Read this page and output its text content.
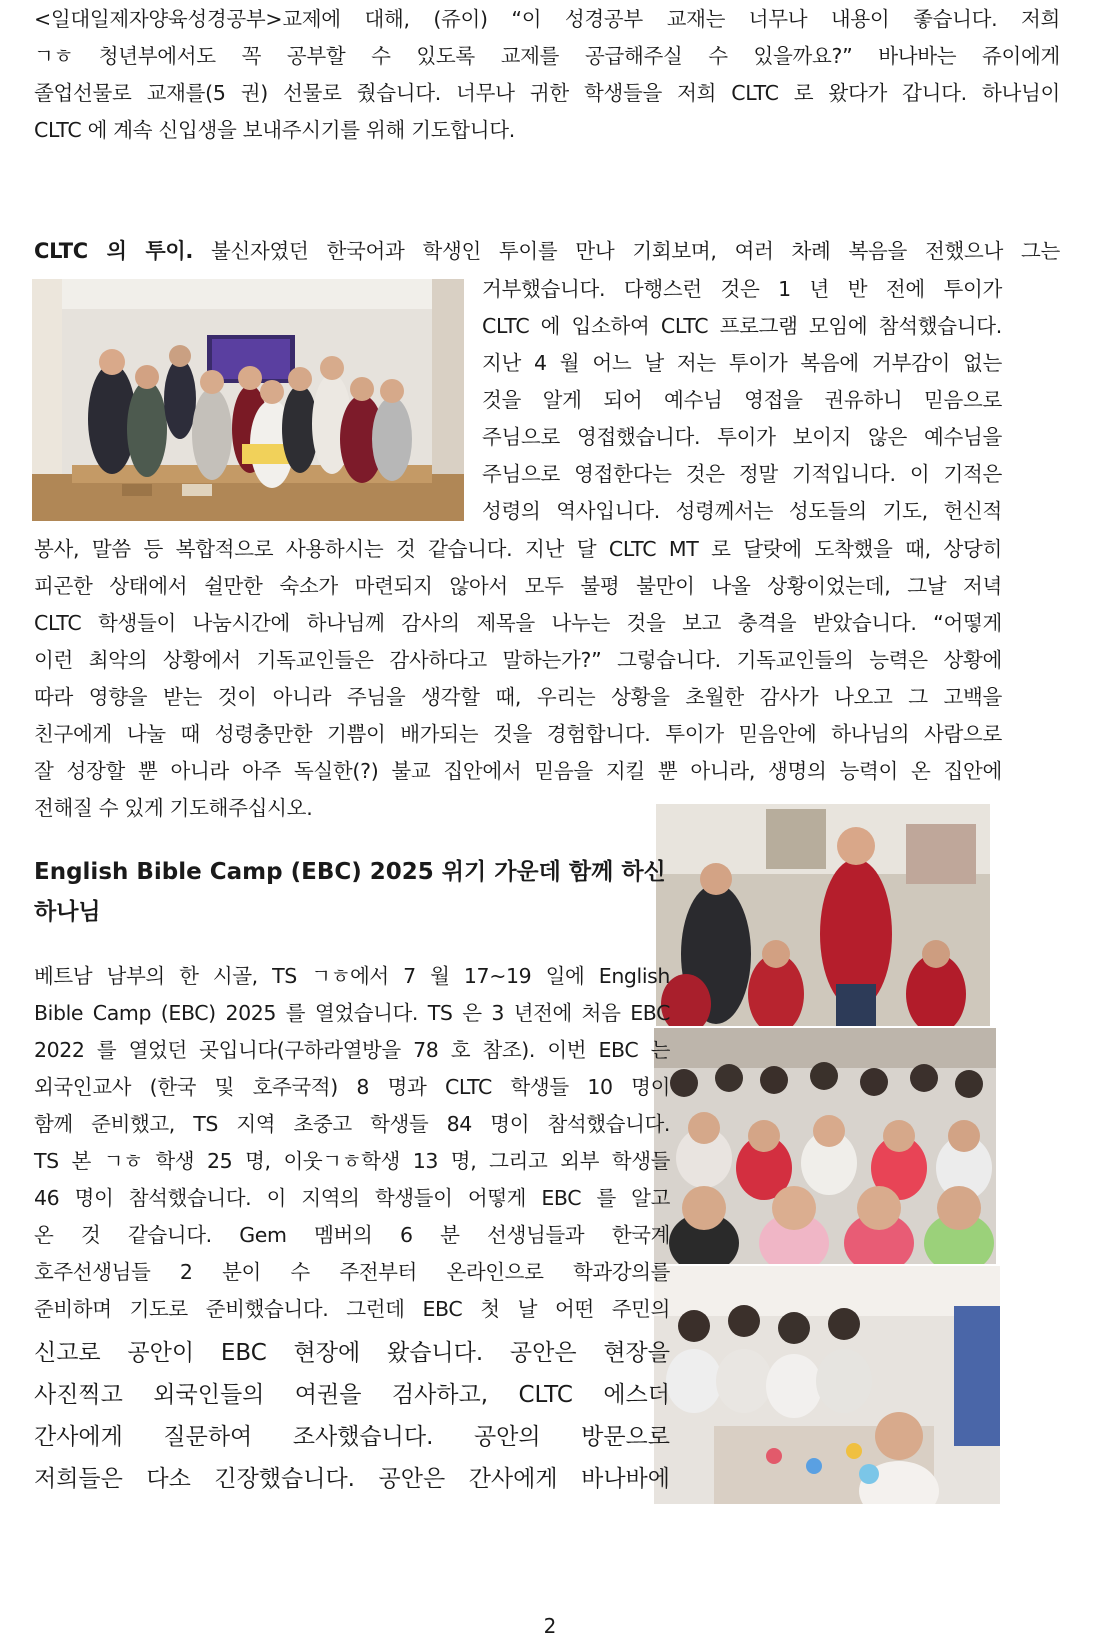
<일대일제자양육성경공부>교제에 대해, (쥬이) “이 성경공부 교재는 너무나 내용이 좋습니다. 저희
ㄱㅎ 청년부에서도 꼭 공부할 수 있도록 교제를 공급해주실 수 있을까요?” 바나바는 쥬이에게
졸업선물로 교재를(5 권) 선물로 줬습니다. 너무나 귀한 학생들을 저희 CLTC 로 왔다가 갑니다. 하나님이
CLTC 에 계속 신입생을 보내주시기를 위해 기도합니다.
CLTC 의 투이. 불신자였던 한국어과 학생인 투이를 만나 기회보며, 여러 차례 복음을 전했으나 그는
거부했습니다. 다행스런 것은 1 년 반 전에 투이가
CLTC 에 입소하여 CLTC 프로그램 모임에 참석했습니다.
지난 4 월 어느 날 저는 투이가 복음에 거부감이 없는
것을 알게 되어 예수님 영접을 권유하니 믿음으로
주님으로 영접했습니다. 투이가 보이지 않은 예수님을
주님으로 영접한다는 것은 정말 기적입니다. 이 기적은
성령의 역사입니다. 성령께서는 성도들의 기도, 헌신적
봉사, 말씀 등 복합적으로 사용하시는 것 같습니다. 지난 달 CLTC MT 로 달랏에 도착했을 때, 상당히
피곤한 상태에서 쉴만한 숙소가 마련되지 않아서 모두 불평 불만이 나올 상황이었는데, 그날 저녁
CLTC 학생들이 나눔시간에 하나님께 감사의 제목을 나누는 것을 보고 충격을 받았습니다. “어떻게
이런 최악의 상황에서 기독교인들은 감사하다고 말하는가?” 그렇습니다. 기독교인들의 능력은 상황에
따라 영향을 받는 것이 아니라 주님을 생각할 때, 우리는 상황을 초월한 감사가 나오고 그 고백을
친구에게 나눌 때 성령충만한 기쁨이 배가되는 것을 경험합니다. 투이가 믿음안에 하나님의 사람으로
잘 성장할 뿐 아니라 아주 독실한(?) 불교 집안에서 믿음을 지킬 뿐 아니라, 생명의 능력이 온 집안에
전해질 수 있게 기도해주십시오.
English Bible Camp (EBC) 2025 위기 가운데 함께 하신
하나님
베트남 남부의 한 시골, TS ㄱㅎ에서 7 월 17~19 일에 English
Bible Camp (EBC) 2025 를 열었습니다. TS 은 3 년전에 처음 EBC
2022 를 열었던 곳입니다(구하라열방을 78 호 참조). 이번 EBC 는
외국인교사 (한국 및 호주국적) 8 명과 CLTC 학생들 10 명이
함께 준비했고, TS 지역 초중고 학생들 84 명이 참석했습니다.
TS 본 ㄱㅎ 학생 25 명, 이웃ㄱㅎ학생 13 명, 그리고 외부 학생들
46 명이 참석했습니다. 이 지역의 학생들이 어떻게 EBC 를 알고
온 것 같습니다. Gem 멤버의 6 분 선생님들과 한국계
호주선생님들 2 분이 수 주전부터 온라인으로 학과강의를
준비하며 기도로 준비했습니다. 그런데 EBC 첫 날 어떤 주민의
신고로 공안이 EBC 현장에 왔습니다. 공안은 현장을
사진찍고 외국인들의 여권을 검사하고, CLTC 에스더
간사에게 질문하여 조사했습니다. 공안의 방문으로
저희들은 다소 긴장했습니다. 공안은 간사에게 바나바에
2
